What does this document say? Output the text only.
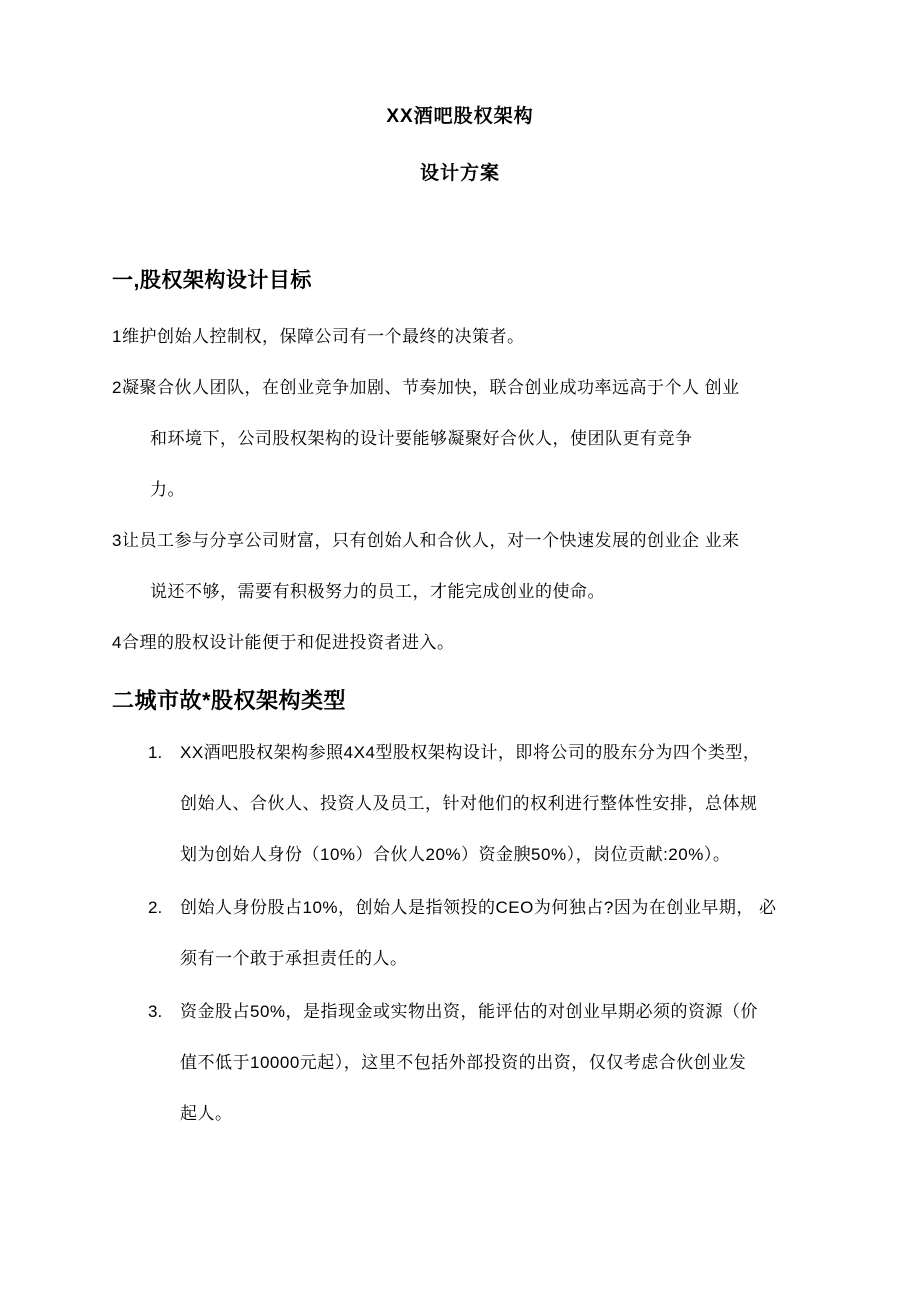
XX酒吧股权架构
设计方案
一,股权架构设计目标
1维护创始人控制权，保障公司有一个最终的决策者。
2凝聚合伙人团队，在创业竞争加剧、节奏加快，联合创业成功率远高于个人 创业
和环境下，公司股权架构的设计要能够凝聚好合伙人，使团队更有竞争
力。
3让员工参与分享公司财富，只有创始人和合伙人，对一个快速发展的创业企 业来
说还不够，需要有积极努力的员工，才能完成创业的使命。
4合理的股权设计能便于和促进投资者进入。
二城市故*股权架构类型
1.	XX酒吧股权架构参照4X4型股权架构设计，即将公司的股东分为四个类型，
创始人、合伙人、投资人及员工，针对他们的权利进行整体性安排，总体规
划为创始人身份（10%）合伙人20%）资金腴50%），岗位贡献:20%）。
2.	创始人身份股占10%，创始人是指领投的CEO为何独占?因为在创业早期， 必
须有一个敢于承担责任的人。
3.	资金股占50%，是指现金或实物出资，能评估的对创业早期必须的资源（价
值不低于10000元起），这里不包括外部投资的出资，仅仅考虑合伙创业发
起人。
